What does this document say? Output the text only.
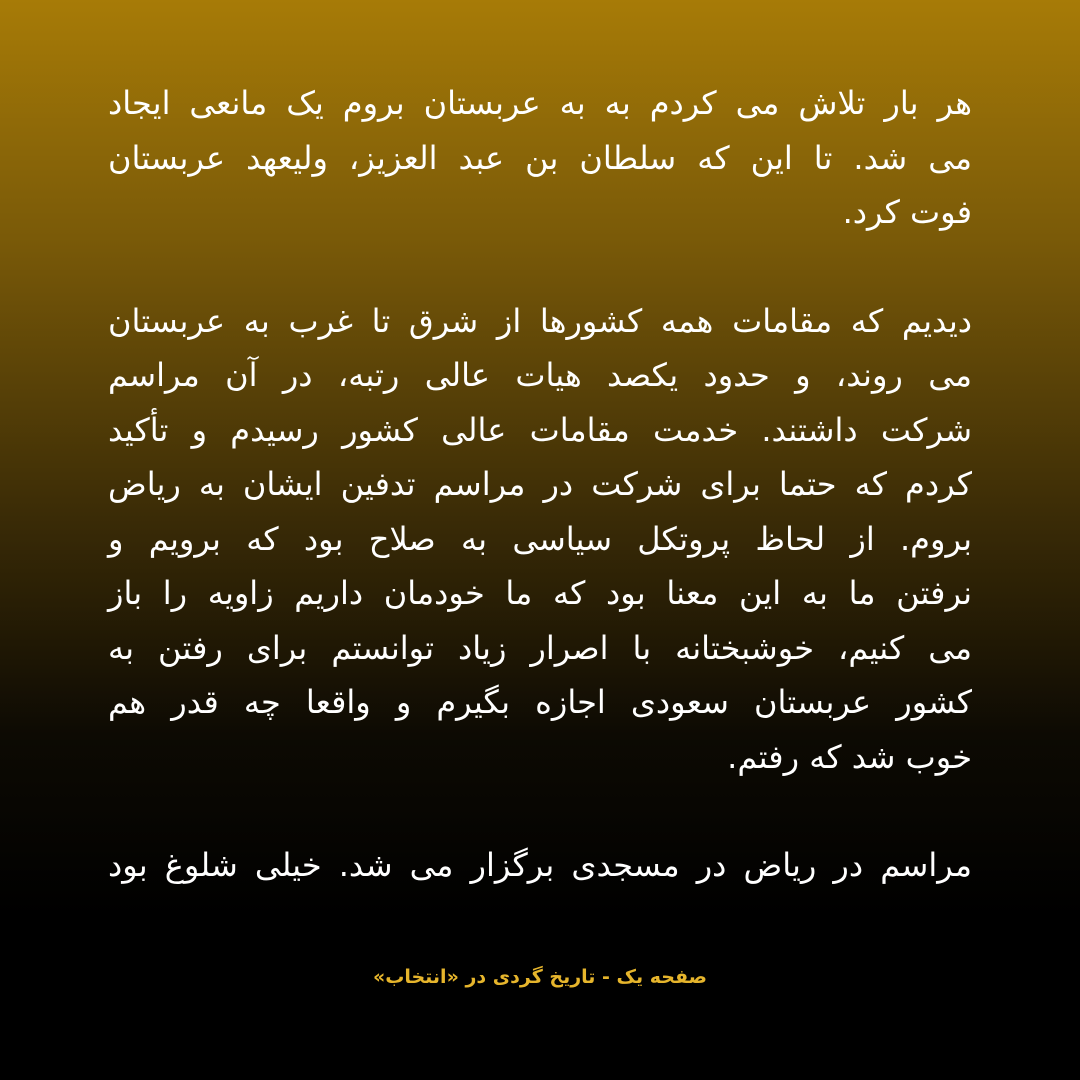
هر بار تلاش می کردم به به عربستان بروم یک مانعی ایجاد
می شد. تا این که سلطان بن عبد العزیز، ولیعهد عربستان
فوت کرد.
دیدیم که مقامات همه کشورها از شرق تا غرب به عربستان
می روند، و حدود یکصد هیات عالی رتبه، در آن مراسم
شرکت داشتند. خدمت مقامات عالی کشور رسیدم و تأکید
کردم که حتما برای شرکت در مراسم تدفین ایشان به ریاض
بروم. از لحاظ پروتکل سیاسی به صلاح بود که برویم و
نرفتن ما به این معنا بود که ما خودمان داریم زاویه را باز
می کنیم، خوشبختانه با اصرار زیاد توانستم برای رفتن به
کشور عربستان سعودی اجازه بگیرم و واقعا چه قدر هم
خوب شد که رفتم.
مراسم در ریاض در مسجدی برگزار می شد. خیلی شلوغ بود
صفحه یک - تاریخ گردی در «انتخاب»
